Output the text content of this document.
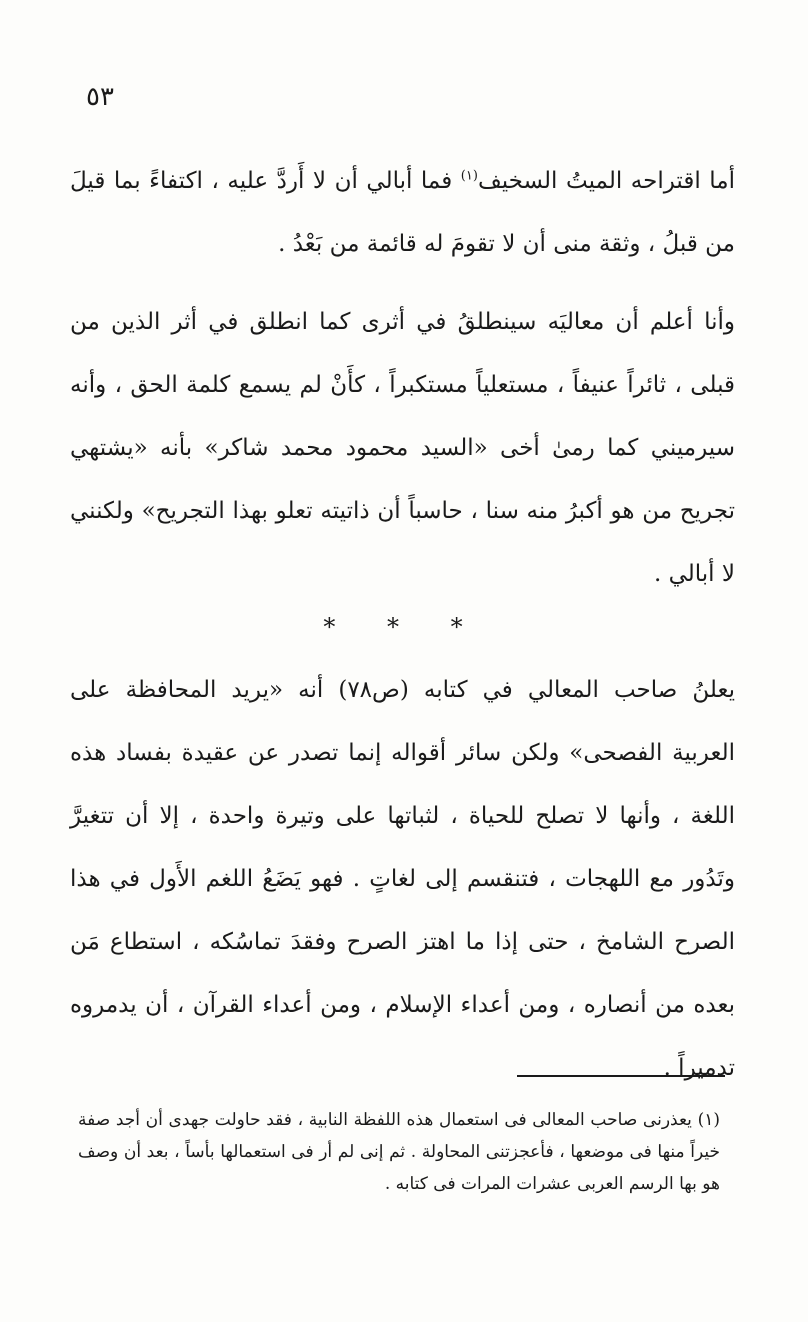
٥٣

أما اقتراحه الميتُ السخيف$^{(١)}$ فما أبالي أن لا أَردَّ عليه ، اكتفاءً بما قيلَ من قبلُ ، وثقة منى أن لا تقومَ له قائمة من بَعْدُ .

وأنا أعلم أن معاليَه سينطلقُ في أثرى كما انطلق في أثر الذين من قبلى ، ثائراً عنيفاً ، مستعلياً مستكبراً ، كأَنْ لم يسمع كلمة الحق ، وأنه سيرميني كما رمىٰ أخى «السيد محمود محمد شاكر» بأنه «يشتهي تجريح من هو أكبرُ منه سنا ، حاسباً أن ذاتيته تعلو بهذا التجريح» ولكنني لا أبالي .

* * *

يعلنُ صاحب المعالي في كتابه (ص٧٨) أنه «يريد المحافظة على العربية الفصحى» ولكن سائر أقواله إنما تصدر عن عقيدة بفساد هذه اللغة ، وأنها لا تصلح للحياة ، لثباتها على وتيرة واحدة ، إلا أن تتغيرَّ وتَدُور مع اللهجات ، فتنقسم إلى لغاتٍ . فهو يَضَعُ اللغم الأَول في هذا الصرح الشامخ ، حتى إذا ما اهتز الصرح وفقدَ تماسُكه ، استطاع مَن بعده من أنصاره ، ومن أعداء الإسلام ، ومن أعداء القرآن ، أن يدمروه تدميراً .

(١) يعذرنى صاحب المعالى فى استعمال هذه اللفظة النابية ، فقد حاولت جهدى أن أجد صفة خيراً منها فى موضعها ، فأعجزتنى المحاولة . ثم إنى لم أر فى استعمالها بأساً ، بعد أن وصف هو بها الرسم العربى عشرات المرات فى كتابه .
